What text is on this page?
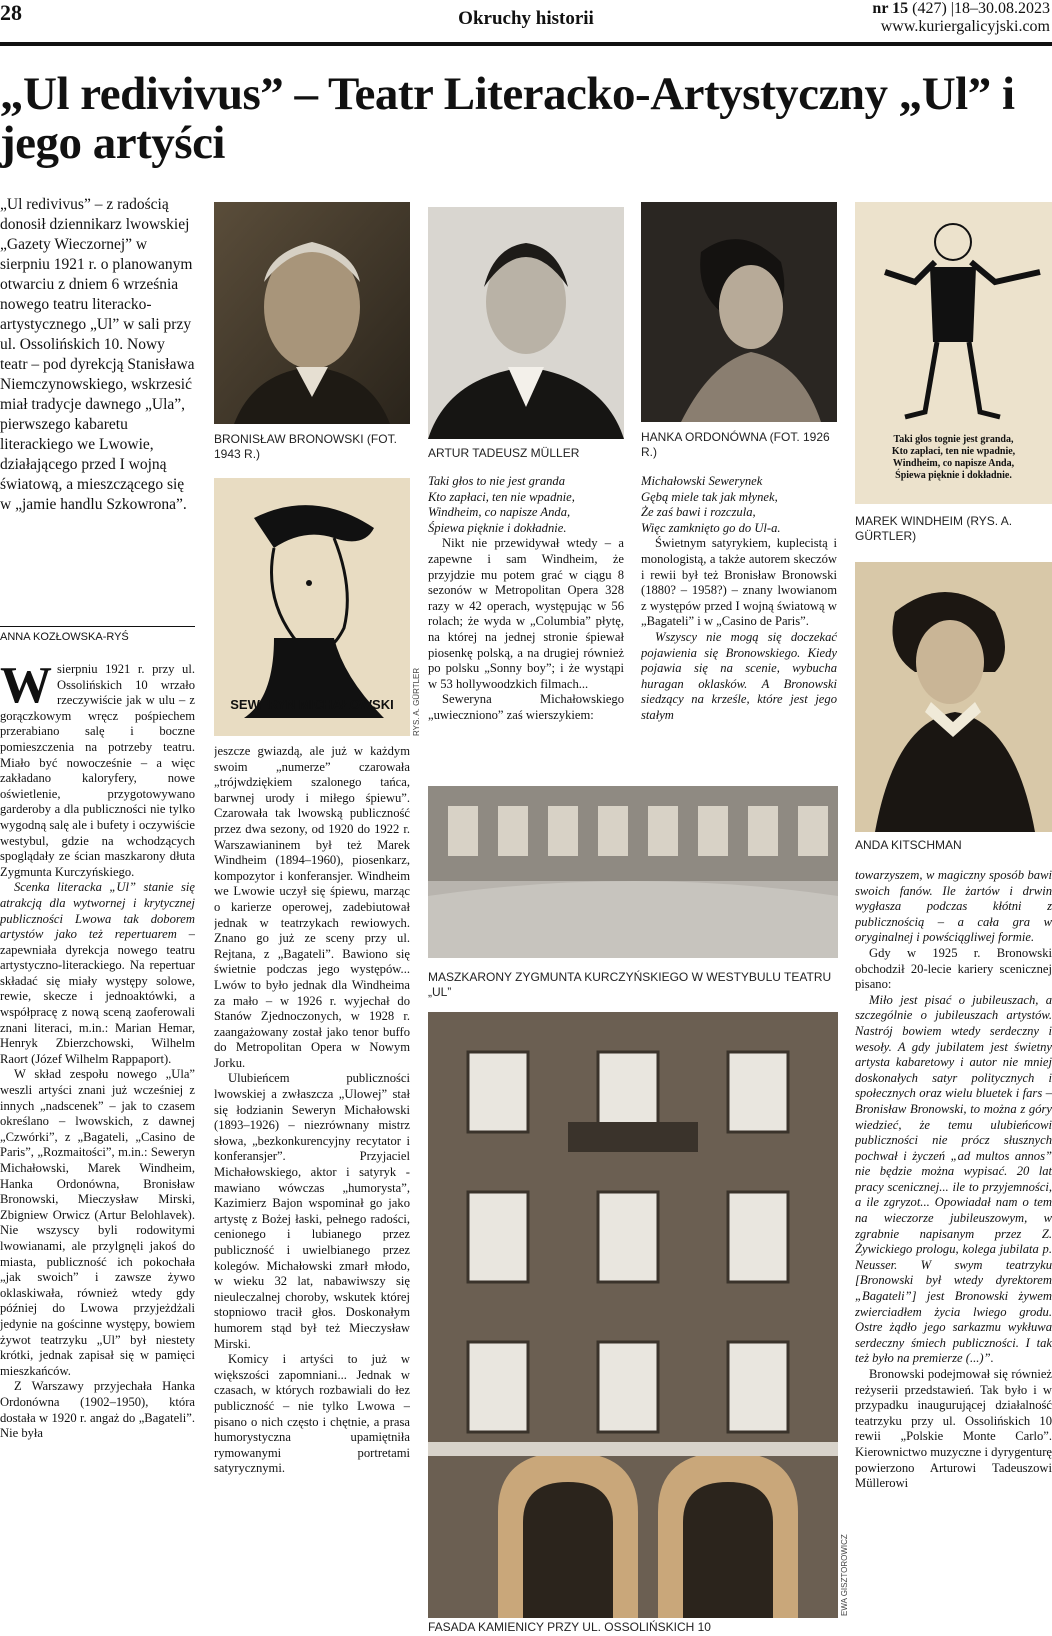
28	Okruchy historii	nr 15 (427) |18–30.08.2023
www.kuriergalicyjski.com
„Ul redivivus” – Teatr Literacko-Artystyczny „Ul” i jego artyści
„Ul redivivus” – z radością donosił dziennikarz lwowskiej „Gazety Wieczornej” w sierpniu 1921 r. o planowanym otwarciu z dniem 6 września nowego teatru literacko-artystycznego „Ul” w sali przy ul. Ossolińskich 10. Nowy teatr – pod dyrekcją Stanisława Niemczynowskiego, wskrzesić miał tradycje dawnego „Ula”, pierwszego kabaretu literackiego we Lwowie, działającego przed I wojną światową, a mieszczącego się w „jamie handlu Szkowrona”.
ANNA KOZŁOWSKA-RYŚ

Wsierpniu 1921 r. przy ul. Ossolińskich 10 wrzało rzeczywiście jak w ulu – z gorączkowym wręcz pośpiechem przerabiano salę i boczne pomieszczenia na potrzeby teatru. Miało być nowocześnie – a więc zakładano kaloryfery, nowe oświetlenie, przygotowywano garderoby a dla publiczności nie tylko wygodną salę ale i bufety i oczywiście westybul, gdzie na wchodzących spoglądały ze ścian maszkarony dłuta Zygmunta Kurczyńskiego.

Scenka literacka „Ul” stanie się atrakcją dla wytwornej i krytycznej publiczności Lwowa tak doborem artystów jako też repertuarem – zapewniała dyrekcja nowego teatru artystyczno-literackiego. Na repertuar składać się miały występy solowe, rewie, skecze i jednoaktówki, a współpracę z nową sceną zaoferowali znani literaci, m.in.: Marian Hemar, Henryk Zbierzchowski, Wilhelm Raort (Józef Wilhelm Rappaport).

W skład zespołu nowego „Ula” weszli artyści znani już wcześniej z innych „nadscenek” – jak to czasem określano – lwowskich, z dawnej „Czwórki”, z „Bagateli, „Casino de Paris”, „Rozmaitości”, m.in.: Seweryn Michałowski, Marek Windheim, Hanka Ordonówna, Bronisław Bronowski, Mieczysław Mirski, Zbigniew Orwicz (Artur Belohlavek). Nie wszyscy byli rodowitymi lwowianami, ale przylgnęli jakoś do miasta, publiczność ich pokochała „jak swoich” i zawsze żywo oklaskiwała, również wtedy gdy później do Lwowa przyjeżdżali jedynie na gościnne występy, bowiem żywot teatrzyku „Ul” był niestety krótki, jednak zapisał się w pamięci mieszkańców.

Z Warszawy przyjechała Hanka Ordonówna (1902–1950), która dostała w 1920 r. angaż do „Bagateli”. Nie była

BRONISŁAW BRONOWSKI (FOT. 1943 R.)
SEWERYN MICHAŁOWSKI	RYS. A. GÜRTLER

jeszcze gwiazdą, ale już w każdym swoim „numerze” czarowała „trójwdziękiem szalonego tańca, barwnej urody i miłego śpiewu”. Czarowała tak lwowską publiczność przez dwa sezony, od 1920 do 1922 r. Warszawianinem był też Marek Windheim (1894–1960), piosenkarz, kompozytor i konferansjer. Windheim we Lwowie uczył się śpiewu, marząc o karierze operowej, zadebiutował jednak w teatrzykach rewiowych. Znano go już ze sceny przy ul. Rejtana, z „Bagateli”. Bawiono się świetnie podczas jego występów... Lwów to było jednak dla Windheima za mało – w 1926 r. wyjechał do Stanów Zjednoczonych, w 1928 r. zaangażowany został jako tenor buffo do Metropolitan Opera w Nowym Jorku.

Ulubieńcem publiczności lwowskiej a zwłaszcza „Ulowej” stał się łodzianin Seweryn Michałowski (1893–1926) – niezrównany mistrz słowa, „bezkonkurencyjny recytator i konferansjer”. Przyjaciel Michałowskiego, aktor i satyryk - mawiano wówczas „humorysta”, Kazimierz Bajon wspominał go jako artystę z Bożej łaski, pełnego radości, cenionego i lubianego przez publiczność i uwielbianego przez kolegów. Michałowski zmarł młodo, w wieku 32 lat, nabawiwszy się nieuleczalnej choroby, wskutek której stopniowo tracił głos. Doskonałym humorem stąd był też Mieczysław Mirski.

Komicy i artyści to już w większości zapomniani... Jednak w czasach, w których rozbawiali do łez publiczność – nie tylko Lwowa – pisano o nich często i chętnie, a prasa humorystyczna upamiętniła rymowanymi portretami satyrycznymi.

ARTUR TADEUSZ MÜLLER

Taki głos to nie jest granda
Kto zapłaci, ten nie wpadnie,
Windheim, co napisze Anda,
Śpiewa pięknie i dokładnie.

Nikt nie przewidywał wtedy – a zapewne i sam Windheim, że przyjdzie mu potem grać w ciągu 8 sezonów w Metropolitan Opera 328 razy w 42 operach, występując w 56 rolach; że wyda w „Columbia” płytę, na której na jednej stronie śpiewał piosenkę polską, a na drugiej również po polsku „Sonny boy”; i że wystąpi w 53 hollywoodzkich filmach...

Seweryna Michałowskiego „uwieczniono” zaś wierszykiem:

HANKA ORDONÓWNA (FOT. 1926 R.)

Michałowski Sewerynek
Gębą miele tak jak młynek,
Że zaś bawi i rozczula,
Więc zamknięto go do Ul-a.

Świetnym satyrykiem, kuplecistą i monologistą, a także autorem skeczów i rewii był też Bronisław Bronowski (1880? – 1958?) – znany lwowianom z występów przed I wojną światową w „Bagateli” i w „Casino de Paris”.

Wszyscy nie mogą się doczekać pojawienia się Bronowskiego. Kiedy pojawia się na scenie, wybucha huragan oklasków. A Bronowski siedzący na krześle, które jest jego stałym

Taki głos tognie jest granda,
Kto zapłaci, ten nie wpadnie,
Windheim, co napisze Anda,
Śpiewa pięknie i dokładnie.
MAREK WINDHEIM (RYS. A. GÜRTLER)
ANDA KITSCHMAN

towarzyszem, w magiczny sposób bawi swoich fanów. Ile żartów i drwin wygłasza podczas kłótni z publicznością – a cała gra w oryginalnej i powściągliwej formie.

Gdy w 1925 r. Bronowski obchodził 20-lecie kariery scenicznej pisano:

Miło jest pisać o jubileuszach, a szczególnie o jubileuszach artystów. Nastrój bowiem wtedy serdeczny i wesoły. A gdy jubilatem jest świetny artysta kabaretowy i autor nie mniej doskonałych satyr politycznych i społecznych oraz wielu bluetek i fars – Bronisław Bronowski, to można z góry wiedzieć, że temu ulubieńcowi publiczności nie prócz słusznych pochwał i życzeń „ad multos annos” nie będzie można wypisać. 20 lat pracy scenicznej... ile to przyjemności, a ile zgryzot... Opowiadał nam o tem na wieczorze jubileuszowym, w zgrabnie napisanym przez Z. Żywickiego prologu, kolega jubilata p. Neusser. W swym teatrzyku [Bronowski był wtedy dyrektorem „Bagateli”] jest Bronowski żywem zwierciadłem życia lwiego grodu. Ostre żądło jego sarkazmu wykłuwa serdeczny śmiech publiczności. I tak też było na premierze (...)”.

Bronowski podejmował się również reżyserii przedstawień. Tak było i w przypadku inaugurującej działalność teatrzyku przy ul. Ossolińskich 10 rewii „Polskie Monte Carlo”. Kierownictwo muzyczne i dyrygenturę powierzono Arturowi Tadeuszowi Müllerowi

MASZKARONY ZYGMUNTA KURCZYŃSKIEGO W WESTYBULU TEATRU „UL”
EWA GISZTOROWICZ
FASADA KAMIENICY PRZY UL. OSSOLIŃSKICH 10
